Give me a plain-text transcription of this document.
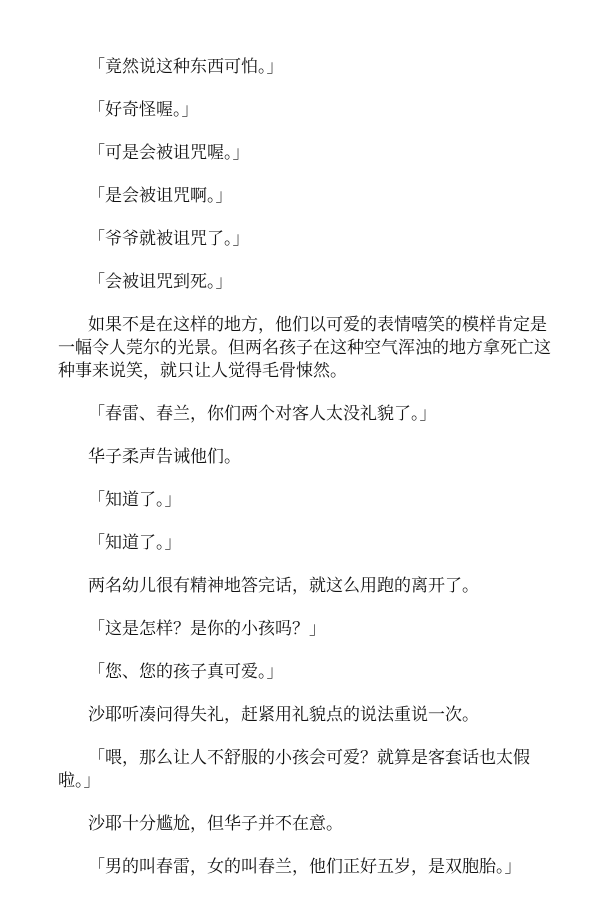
「竟然说这种东西可怕。」

「好奇怪喔。」

「可是会被诅咒喔。」

「是会被诅咒啊。」

「爷爷就被诅咒了。」

「会被诅咒到死。」

如果不是在这样的地方，他们以可爱的表情嘻笑的模样肯定是一幅令人莞尔的光景。但两名孩子在这种空气浑浊的地方拿死亡这种事来说笑，就只让人觉得毛骨悚然。

「春雷、春兰，你们两个对客人太没礼貌了。」

华子柔声告诫他们。

「知道了。」

「知道了。」

两名幼儿很有精神地答完话，就这么用跑的离开了。

「这是怎样？是你的小孩吗？」

「您、您的孩子真可爱。」

沙耶听凑问得失礼，赶紧用礼貌点的说法重说一次。

「喂，那么让人不舒服的小孩会可爱？就算是客套话也太假啦。」

沙耶十分尴尬，但华子并不在意。

「男的叫春雷，女的叫春兰，他们正好五岁，是双胞胎。」
